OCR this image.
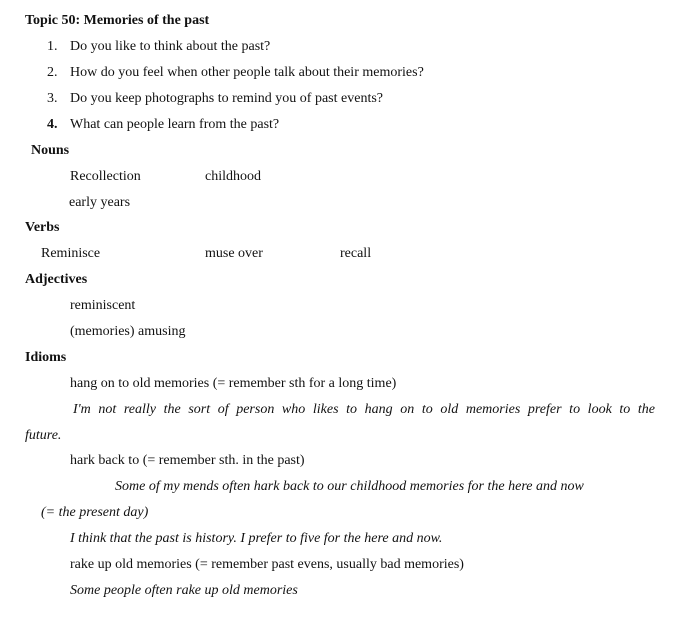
Topic 50: Memories of the past
1. Do you like to think about the past?
2. How do you feel when other people talk about their memories?
3. Do you keep photographs to remind you of past events?
4. What can people learn from the past?
Nouns
Recollection	childhood
early years
Verbs
Reminisce	muse over	recall
Adjectives
reminiscent
(memories) amusing
Idioms
hang on to old memories (= remember sth for a long time)
I'm not really the sort of person who likes to hang on to old memories prefer to look to the
future.
hark back to (= remember sth. in the past)
Some of my mends often hark back to our childhood memories for the here and now
(= the present day)
I think that the past is history. I prefer to five for the here and now.
rake up old memories (= remember past evens, usually bad memories)
Some people often rake up old memories
